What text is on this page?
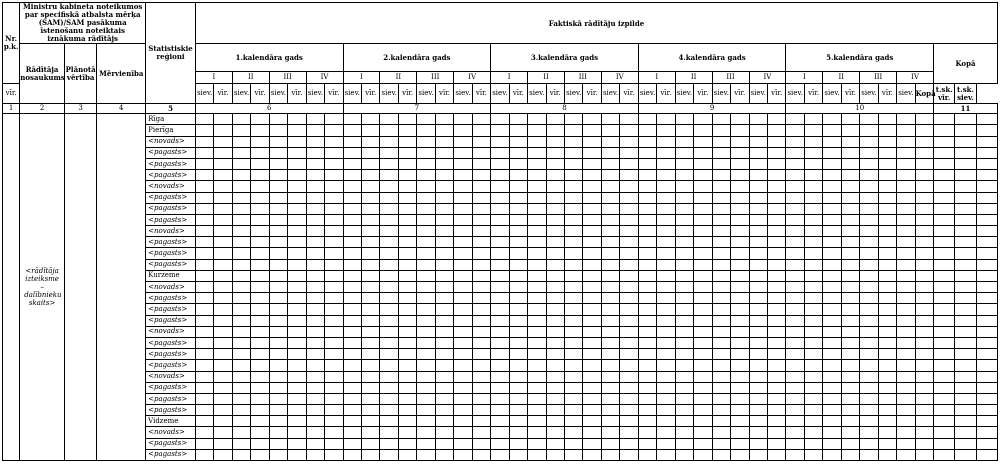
Nr. p.k.	Ministru kabineta noteikumos par specifiskā atbalsta mērķa (SAM)/SAM pasākuma īstenošanu noteiktais iznākuma rādītājs			Statistiskie reģioni	Faktiskā rādītāju izpilde																																										
	Rādītāja nosaukums	Plānotā vērtība	Mērvienība		1.kalendāra gads								2.kalendāra gads								3.kalendāra gads								4.kalendāra gads								5.kalendāra gads								Kopā		
					I		II		III		IV		I		II		III		IV		I		II		III		IV		I		II		III		IV		I		II		III		IV				
vīr.					siev.	vīr.	siev.	vīr.	siev.	vīr.	siev.	vīr.	siev.	vīr.	siev.	vīr.	siev.	vīr.	siev.	vīr.	siev.	vīr.	siev.	vīr.	siev.	vīr.	siev.	vīr.	siev.	vīr.	siev.	vīr.	siev.	vīr.	siev.	vīr.	siev.	vīr.	siev.	vīr.	siev.	vīr.	siev.	Kopā	t.sk. vīr.	t.sk. siev.	
1	2	3	4	5	6								7								8								9								10								11		
	<rādītāja izteiksme – dalībnieku skaits>			Rīga																																											
				Pierīga																																											
				<novads>																																											
				<pagasts>																																											
				<pagasts>																																											
				<pagasts>																																											
				<novads>																																											
				<pagasts>																																											
				<pagasts>																																											
				<pagasts>																																											
				<novads>																																											
				<pagasts>																																											
				<pagasts>																																											
				<pagasts>																																											
				Kurzeme																																											
				<novads>																																											
				<pagasts>																																											
				<pagasts>																																											
				<pagasts>																																											
				<novads>																																											
				<pagasts>																																											
				<pagasts>																																											
				<pagasts>																																											
				<novads>																																											
				<pagasts>																																											
				<pagasts>																																											
				<pagasts>																																											
				Vidzeme																																											
				<novads>																																											
				<pagasts>																																											
				<pagasts>																																											
